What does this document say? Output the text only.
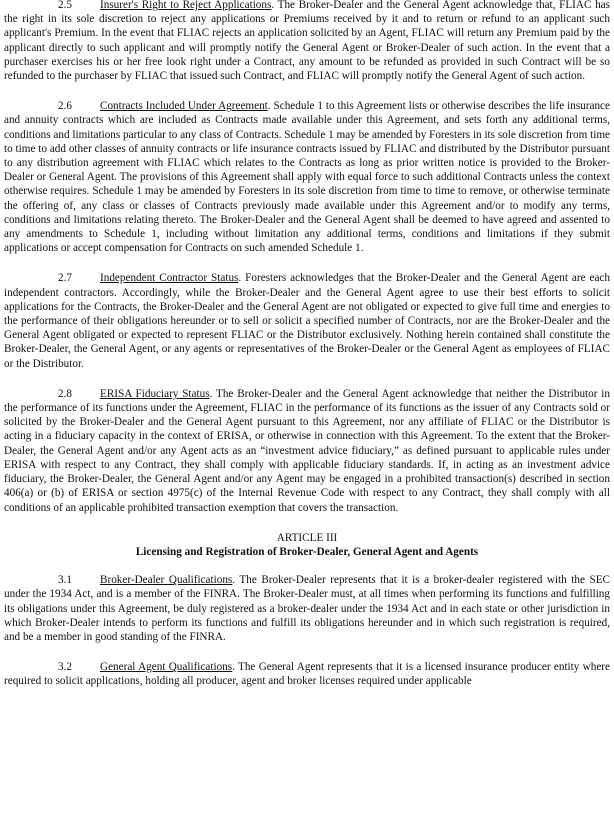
2.5	Insurer's Right to Reject Applications. The Broker-Dealer and the General Agent acknowledge that, FLIAC has the right in its sole discretion to reject any applications or Premiums received by it and to return or refund to an applicant such applicant's Premium. In the event that FLIAC rejects an application solicited by an Agent, FLIAC will return any Premium paid by the applicant directly to such applicant and will promptly notify the General Agent or Broker-Dealer of such action. In the event that a purchaser exercises his or her free look right under a Contract, any amount to be refunded as provided in such Contract will be so refunded to the purchaser by FLIAC that issued such Contract, and FLIAC will promptly notify the General Agent of such action.

2.6	Contracts Included Under Agreement. Schedule 1 to this Agreement lists or otherwise describes the life insurance and annuity contracts which are included as Contracts made available under this Agreement, and sets forth any additional terms, conditions and limitations particular to any class of Contracts. Schedule 1 may be amended by Foresters in its sole discretion from time to time to add other classes of annuity contracts or life insurance contracts issued by FLIAC and distributed by the Distributor pursuant to any distribution agreement with FLIAC which relates to the Contracts as long as prior written notice is provided to the Broker-Dealer or General Agent. The provisions of this Agreement shall apply with equal force to such additional Contracts unless the context otherwise requires. Schedule 1 may be amended by Foresters in its sole discretion from time to time to remove, or otherwise terminate the offering of, any class or classes of Contracts previously made available under this Agreement and/or to modify any terms, conditions and limitations relating thereto. The Broker-Dealer and the General Agent shall be deemed to have agreed and assented to any amendments to Schedule 1, including without limitation any additional terms, conditions and limitations if they submit applications or accept compensation for Contracts on such amended Schedule 1.

2.7	Independent Contractor Status. Foresters acknowledges that the Broker-Dealer and the General Agent are each independent contractors. Accordingly, while the Broker-Dealer and the General Agent agree to use their best efforts to solicit applications for the Contracts, the Broker-Dealer and the General Agent are not obligated or expected to give full time and energies to the performance of their obligations hereunder or to sell or solicit a specified number of Contracts, nor are the Broker-Dealer and the General Agent obligated or expected to represent FLIAC or the Distributor exclusively. Nothing herein contained shall constitute the Broker-Dealer, the General Agent, or any agents or representatives of the Broker-Dealer or the General Agent as employees of FLIAC or the Distributor.

2.8	ERISA Fiduciary Status. The Broker-Dealer and the General Agent acknowledge that neither the Distributor in the performance of its functions under the Agreement, FLIAC in the performance of its functions as the issuer of any Contracts sold or solicited by the Broker-Dealer and the General Agent pursuant to this Agreement, nor any affiliate of FLIAC or the Distributor is acting in a fiduciary capacity in the context of ERISA, or otherwise in connection with this Agreement. To the extent that the Broker-Dealer, the General Agent and/or any Agent acts as an “investment advice fiduciary,” as defined pursuant to applicable rules under ERISA with respect to any Contract, they shall comply with applicable fiduciary standards. If, in acting as an investment advice fiduciary, the Broker-Dealer, the General Agent and/or any Agent may be engaged in a prohibited transaction(s) described in section 406(a) or (b) of ERISA or section 4975(c) of the Internal Revenue Code with respect to any Contract, they shall comply with all conditions of an applicable prohibited transaction exemption that covers the transaction.

ARTICLE III

Licensing and Registration of Broker-Dealer, General Agent and Agents

3.1	Broker-Dealer Qualifications. The Broker-Dealer represents that it is a broker-dealer registered with the SEC under the 1934 Act, and is a member of the FINRA. The Broker-Dealer must, at all times when performing its functions and fulfilling its obligations under this Agreement, be duly registered as a broker-dealer under the 1934 Act and in each state or other jurisdiction in which Broker-Dealer intends to perform its functions and fulfill its obligations hereunder and in which such registration is required, and be a member in good standing of the FINRA.

3.2	General Agent Qualifications. The General Agent represents that it is a licensed insurance producer entity where required to solicit applications, holding all producer, agent and broker licenses required under applicable
